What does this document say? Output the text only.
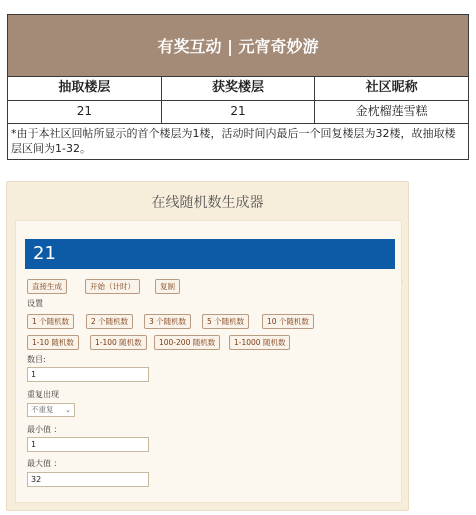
有奖互动 | 元宵奇妙游
抽取楼层	获奖楼层	社区昵称
21	21	金枕榴莲雪糕
*由于本社区回帖所显示的首个楼层为1楼，活动时间内最后一个回复楼层为32楼，故抽取楼层区间为1-32。
在线随机数生成器
21
直接生成	开始（计时）	复制
设置
1 个随机数	2 个随机数	3 个随机数	5 个随机数	10 个随机数
1-10 随机数	1-100 随机数	100-200 随机数	1-1000 随机数
数目:
1
重复出现
不重复 ⌄
最小值 ：
1
最大值 ：
32
